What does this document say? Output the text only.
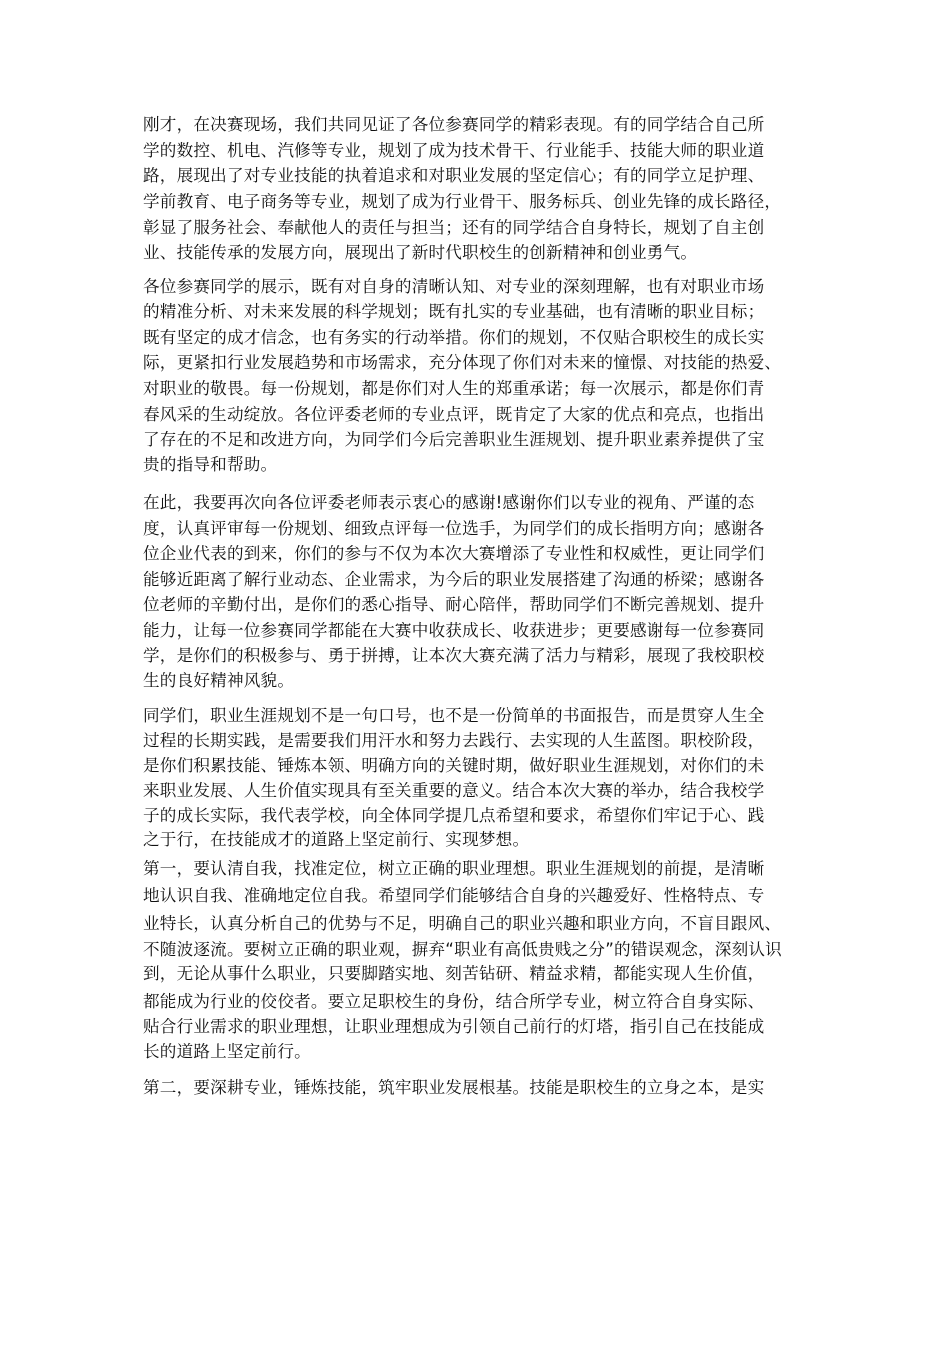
刚才，在决赛现场，我们共同见证了各位参赛同学的精彩表现。有的同学结合自己所
学的数控、机电、汽修等专业，规划了成为技术骨干、行业能手、技能大师的职业道
路，展现出了对专业技能的执着追求和对职业发展的坚定信心；有的同学立足护理、
学前教育、电子商务等专业，规划了成为行业骨干、服务标兵、创业先锋的成长路径，
彰显了服务社会、奉献他人的责任与担当；还有的同学结合自身特长，规划了自主创
业、技能传承的发展方向，展现出了新时代职校生的创新精神和创业勇气。
各位参赛同学的展示，既有对自身的清晰认知、对专业的深刻理解，也有对职业市场
的精准分析、对未来发展的科学规划；既有扎实的专业基础，也有清晰的职业目标；
既有坚定的成才信念，也有务实的行动举措。你们的规划，不仅贴合职校生的成长实
际，更紧扣行业发展趋势和市场需求，充分体现了你们对未来的憧憬、对技能的热爱、
对职业的敬畏。每一份规划，都是你们对人生的郑重承诺；每一次展示，都是你们青
春风采的生动绽放。各位评委老师的专业点评，既肯定了大家的优点和亮点，也指出
了存在的不足和改进方向，为同学们今后完善职业生涯规划、提升职业素养提供了宝
贵的指导和帮助。
在此，我要再次向各位评委老师表示衷心的感谢!感谢你们以专业的视角、严谨的态
度，认真评审每一份规划、细致点评每一位选手，为同学们的成长指明方向；感谢各
位企业代表的到来，你们的参与不仅为本次大赛增添了专业性和权威性，更让同学们
能够近距离了解行业动态、企业需求，为今后的职业发展搭建了沟通的桥梁；感谢各
位老师的辛勤付出，是你们的悉心指导、耐心陪伴，帮助同学们不断完善规划、提升
能力，让每一位参赛同学都能在大赛中收获成长、收获进步；更要感谢每一位参赛同
学，是你们的积极参与、勇于拼搏，让本次大赛充满了活力与精彩，展现了我校职校
生的良好精神风貌。
同学们，职业生涯规划不是一句口号，也不是一份简单的书面报告，而是贯穿人生全
过程的长期实践，是需要我们用汗水和努力去践行、去实现的人生蓝图。职校阶段，
是你们积累技能、锤炼本领、明确方向的关键时期，做好职业生涯规划，对你们的未
来职业发展、人生价值实现具有至关重要的意义。结合本次大赛的举办，结合我校学
子的成长实际，我代表学校，向全体同学提几点希望和要求，希望你们牢记于心、践
之于行，在技能成才的道路上坚定前行、实现梦想。
第一，要认清自我，找准定位，树立正确的职业理想。职业生涯规划的前提，是清晰
地认识自我、准确地定位自我。希望同学们能够结合自身的兴趣爱好、性格特点、专
业特长，认真分析自己的优势与不足，明确自己的职业兴趣和职业方向，不盲目跟风、
不随波逐流。要树立正确的职业观，摒弃“职业有高低贵贱之分”的错误观念，深刻认识
到，无论从事什么职业，只要脚踏实地、刻苦钻研、精益求精，都能实现人生价值，
都能成为行业的佼佼者。要立足职校生的身份，结合所学专业，树立符合自身实际、
贴合行业需求的职业理想，让职业理想成为引领自己前行的灯塔，指引自己在技能成
长的道路上坚定前行。
第二，要深耕专业，锤炼技能，筑牢职业发展根基。技能是职校生的立身之本，是实
